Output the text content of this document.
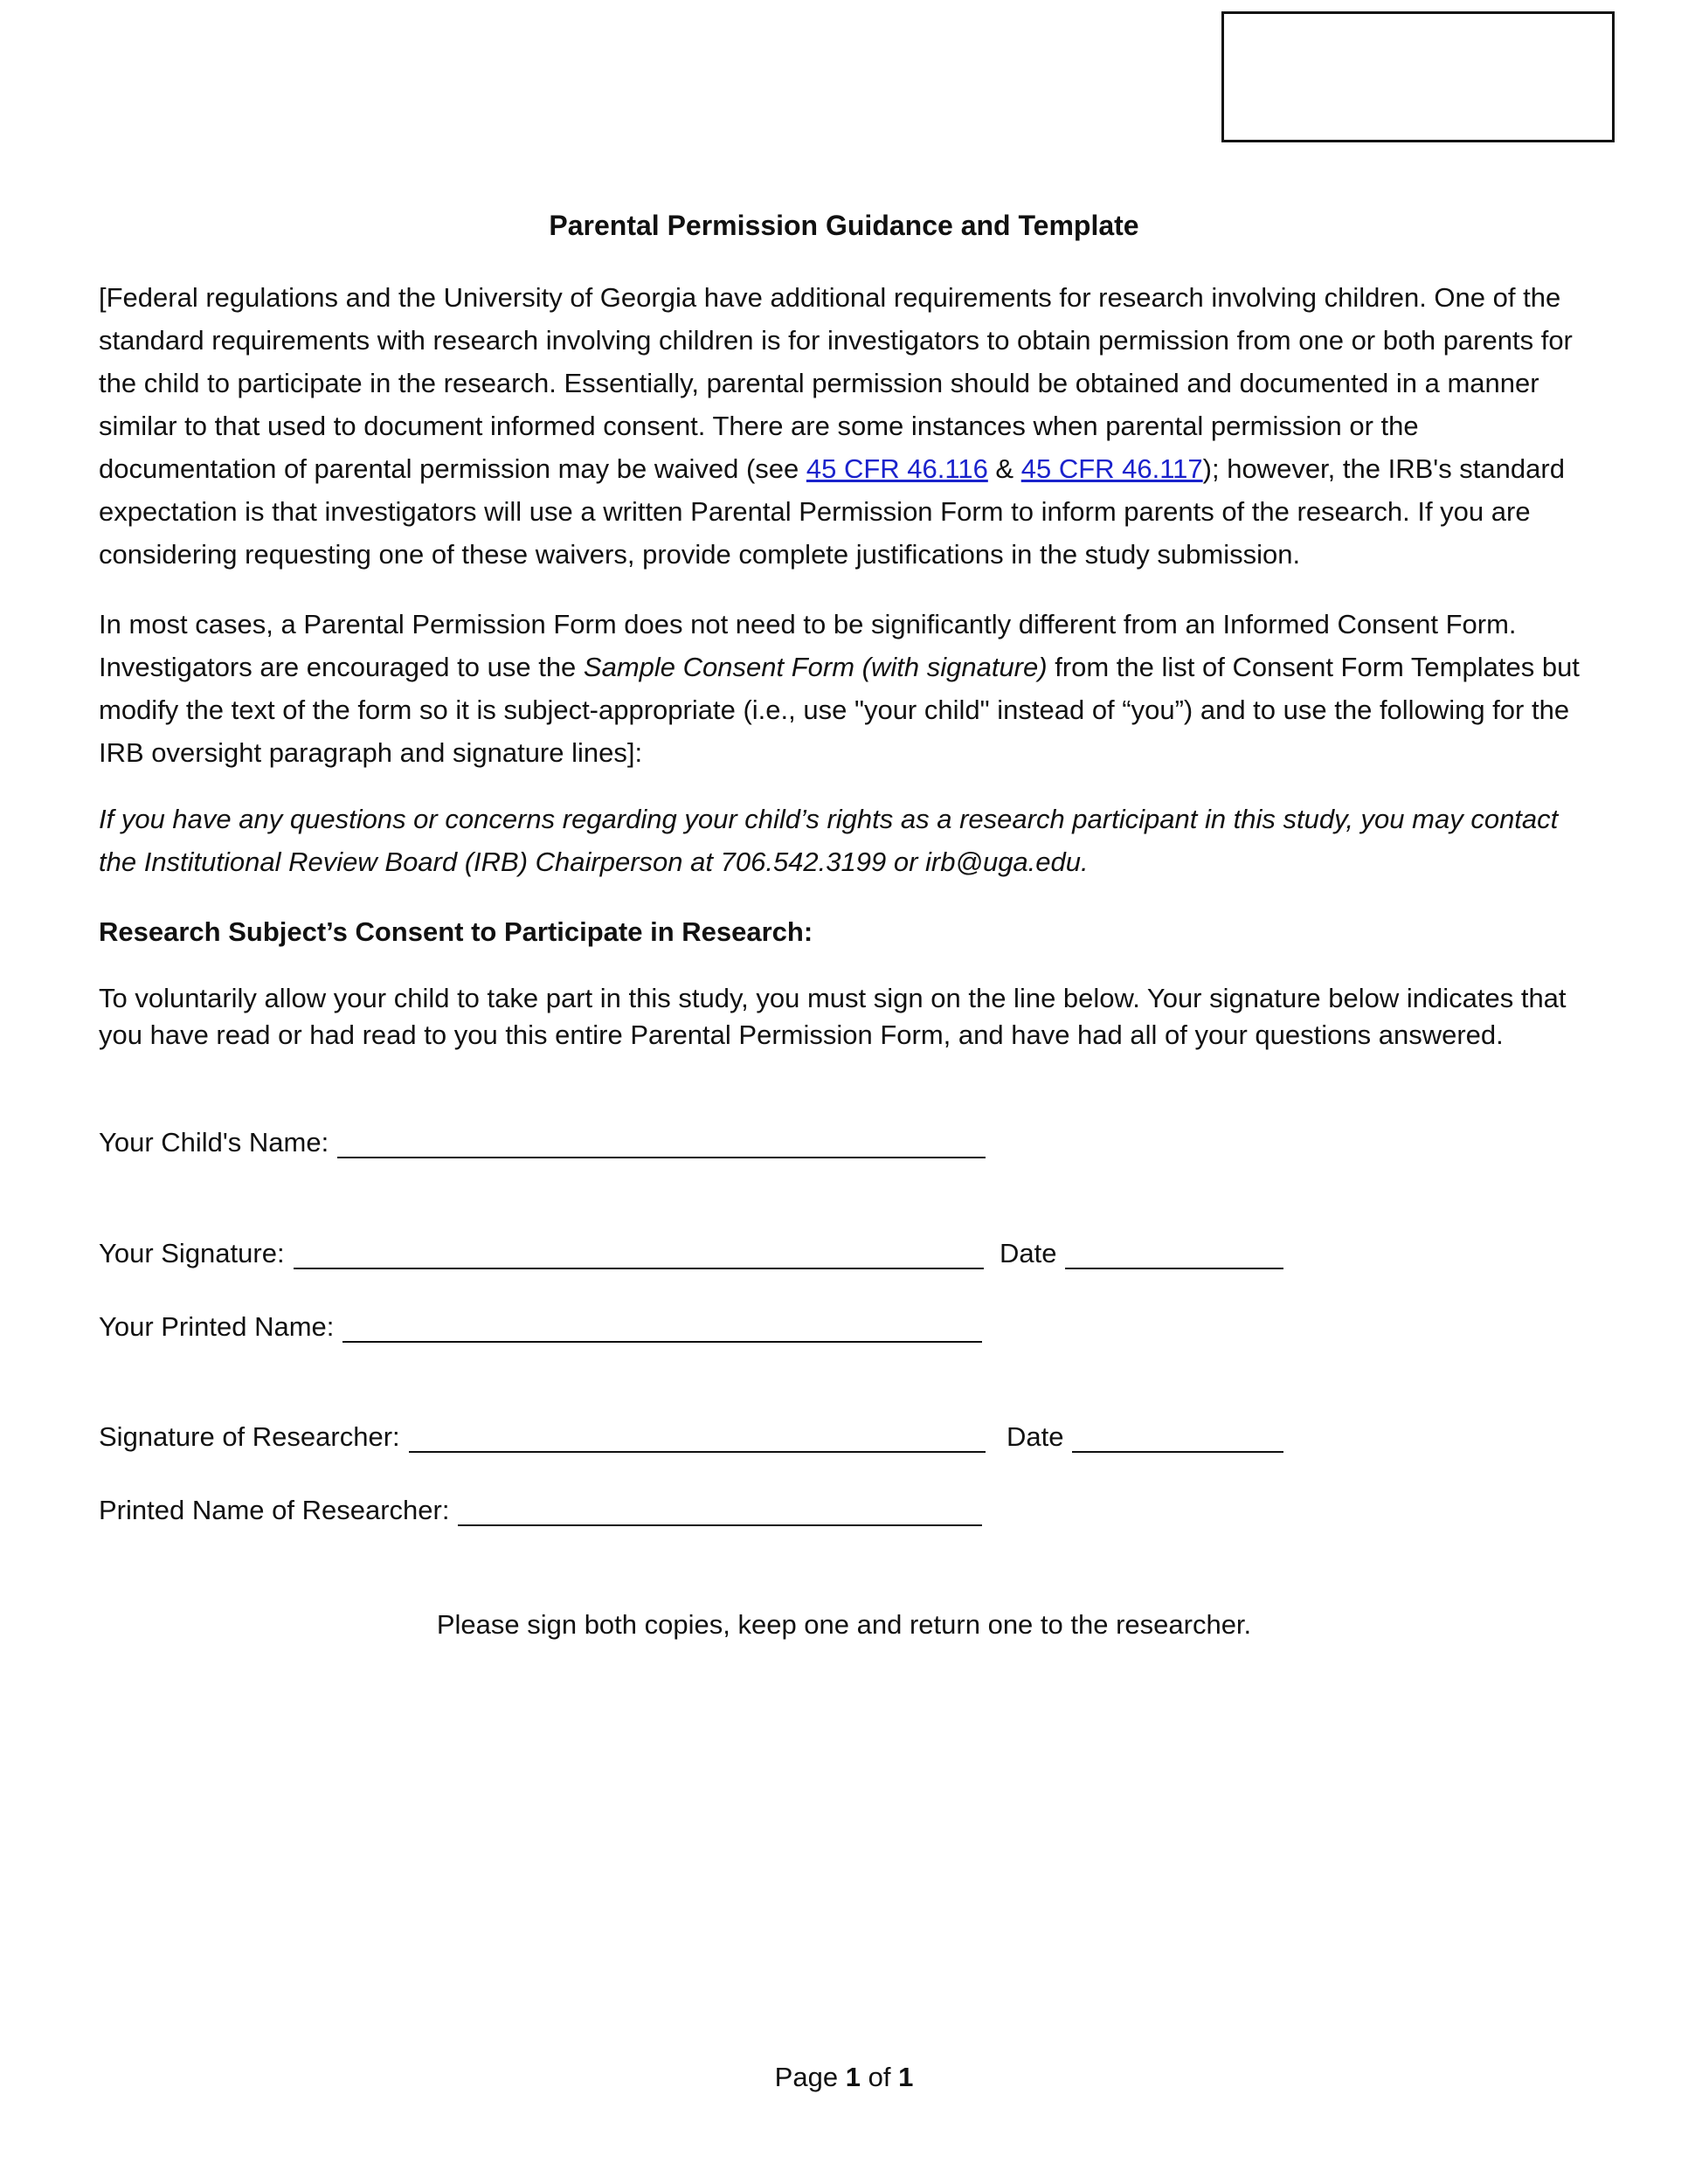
Parental Permission Guidance and Template

[Federal regulations and the University of Georgia have additional requirements for research involving children. One of the standard requirements with research involving children is for investigators to obtain permission from one or both parents for the child to participate in the research. Essentially, parental permission should be obtained and documented in a manner similar to that used to document informed consent. There are some instances when parental permission or the documentation of parental permission may be waived (see 45 CFR 46.116 & 45 CFR 46.117); however, the IRB's standard expectation is that investigators will use a written Parental Permission Form to inform parents of the research. If you are considering requesting one of these waivers, provide complete justifications in the study submission.

In most cases, a Parental Permission Form does not need to be significantly different from an Informed Consent Form. Investigators are encouraged to use the Sample Consent Form (with signature) from the list of Consent Form Templates but modify the text of the form so it is subject-appropriate (i.e., use "your child" instead of “you”) and to use the following for the IRB oversight paragraph and signature lines]:

If you have any questions or concerns regarding your child’s rights as a research participant in this study, you may contact the Institutional Review Board (IRB) Chairperson at 706.542.3199 or irb@uga.edu.

Research Subject’s Consent to Participate in Research:

To voluntarily allow your child to take part in this study, you must sign on the line below. Your signature below indicates that you have read or had read to you this entire Parental Permission Form, and have had all of your questions answered.

Your Child's Name:
Your Signature:	Date
Your Printed Name:
Signature of Researcher:	Date
Printed Name of Researcher:
Please sign both copies, keep one and return one to the researcher.
Page 1 of 1
